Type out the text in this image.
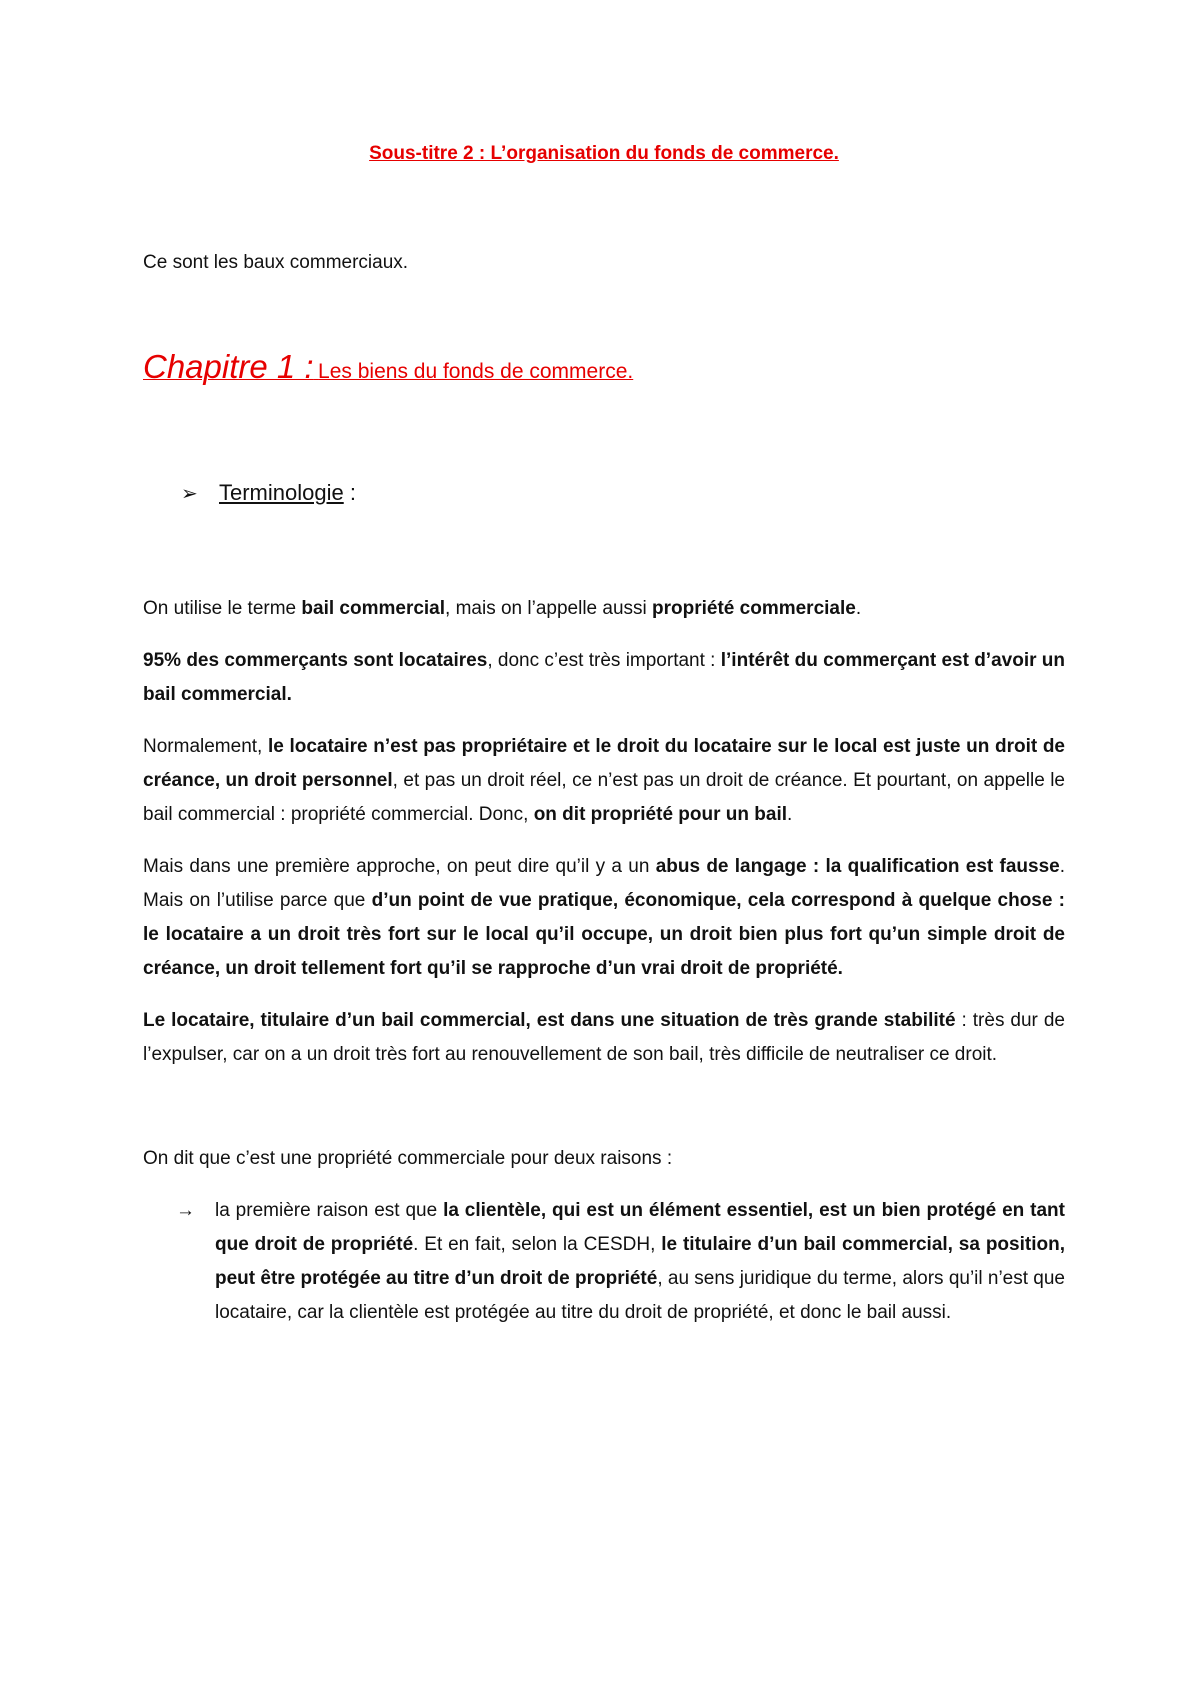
Sous-titre 2 : L’organisation du fonds de commerce.
Ce sont les baux commerciaux.
Chapitre 1 : Les biens du fonds de commerce.
➢ Terminologie :

On utilise le terme bail commercial, mais on l’appelle aussi propriété commerciale.

95% des commerçants sont locataires, donc c’est très important : l’intérêt du commerçant est d’avoir un bail commercial.

Normalement, le locataire n’est pas propriétaire et le droit du locataire sur le local est juste un droit de créance, un droit personnel, et pas un droit réel, ce n’est pas un droit de créance. Et pourtant, on appelle le bail commercial : propriété commercial. Donc, on dit propriété pour un bail.

Mais dans une première approche, on peut dire qu’il y a un abus de langage : la qualification est fausse. Mais on l’utilise parce que d’un point de vue pratique, économique, cela correspond à quelque chose : le locataire a un droit très fort sur le local qu’il occupe, un droit bien plus fort qu’un simple droit de créance, un droit tellement fort qu’il se rapproche d’un vrai droit de propriété.

Le locataire, titulaire d’un bail commercial, est dans une situation de très grande stabilité : très dur de l’expulser, car on a un droit très fort au renouvellement de son bail, très difficile de neutraliser ce droit.

On dit que c’est une propriété commerciale pour deux raisons :

→	la première raison est que la clientèle, qui est un élément essentiel, est un bien protégé en tant que droit de propriété. Et en fait, selon la CESDH, le titulaire d’un bail commercial, sa position, peut être protégée au titre d’un droit de propriété, au sens juridique du terme, alors qu’il n’est que locataire, car la clientèle est protégée au titre du droit de propriété, et donc le bail aussi.
